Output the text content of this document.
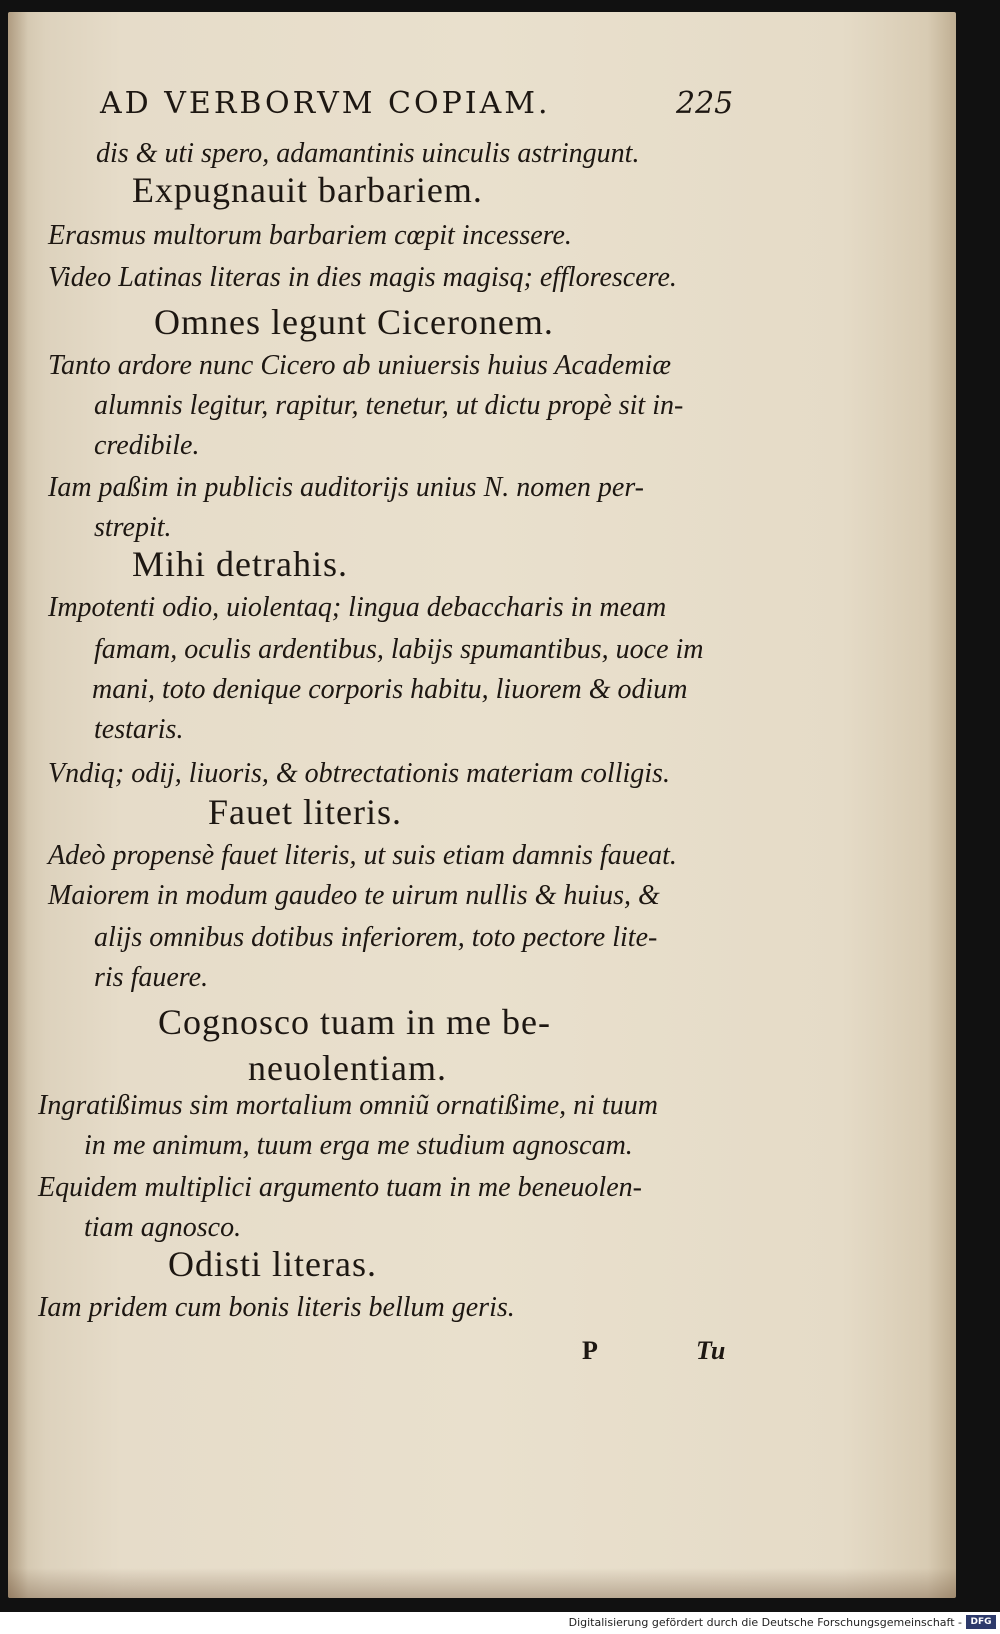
AD VERBORVM COPIAM.	225
dis & uti spero, adamantinis uinculis astringunt.
Expugnauit barbariem.
Erasmus multorum barbariem cœpit incessere.
Video Latinas literas in dies magis magisq; efflorescere.
Omnes legunt Ciceronem.
Tanto ardore nunc Cicero ab uniuersis huius Academiæ
alumnis legitur, rapitur, tenetur, ut dictu propè sit in-
credibile.
Iam paßim in publicis auditorijs unius N. nomen per-
strepit.
Mihi detrahis.
Impotenti odio, uiolentaq; lingua debaccharis in meam
famam, oculis ardentibus, labijs spumantibus, uoce im
mani, toto denique corporis habitu, liuorem & odium
testaris.
Vndiq; odij, liuoris, & obtrectationis materiam colligis.
Fauet literis.
Adeò propensè fauet literis, ut suis etiam damnis faueat.
Maiorem in modum gaudeo te uirum nullis & huius, &
alijs omnibus dotibus inferiorem, toto pectore lite-
ris fauere.
Cognosco tuam in me be-
neuolentiam.
Ingratißimus sim mortalium omniũ ornatißime, ni tuum
in me animum, tuum erga me studium agnoscam.
Equidem multiplici argumento tuam in me beneuolen-
tiam agnosco.
Odisti literas.
Iam pridem cum bonis literis bellum geris.
P	Tu
Digitalisierung gefördert durch die Deutsche Forschungsgemeinschaft - DFG
